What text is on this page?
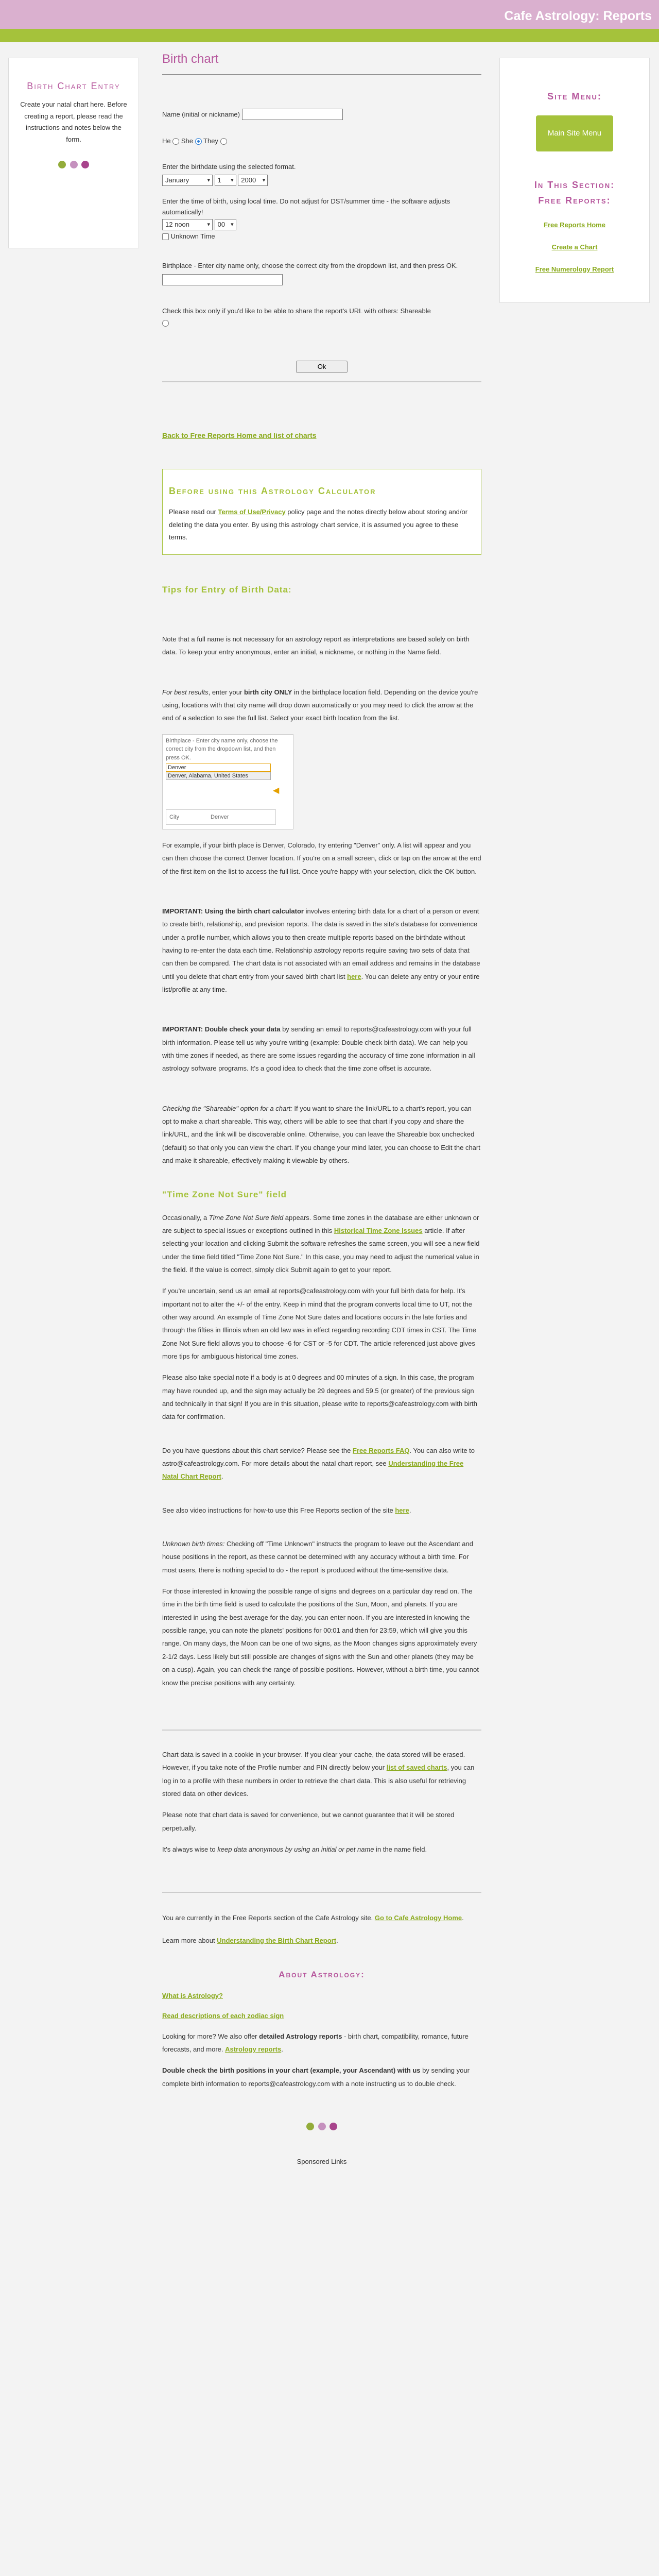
Cafe Astrology: Reports
Birth Chart Entry

Create your natal chart here. Before creating a report, please read the instructions and notes below the form.

Site Menu:
Main Site Menu
In This Section:
Free Reports:
Free Reports Home
Create a Chart
Free Numerology Report
Birth chart
Name (initial or nickname)
He She They
Enter the birthdate using the selected format.
January ▾	1 ▾	2000 ▾
Enter the time of birth, using local time. Do not adjust for DST/summer time - the software adjusts automatically!
12 noon ▾	00 ▾
Unknown Time
Birthplace - Enter city name only, choose the correct city from the dropdown list, and then press OK.
Check this box only if you'd like to be able to share the report's URL with others: Shareable
Ok
Back to Free Reports Home and list of charts
Before using this Astrology Calculator

Please read our Terms of Use/Privacy policy page and the notes directly below about storing and/or deleting the data you enter. By using this astrology chart service, it is assumed you agree to these terms.

Tips for Entry of Birth Data:

Note that a full name is not necessary for an astrology report as interpretations are based solely on birth data. To keep your entry anonymous, enter an initial, a nickname, or nothing in the Name field.

For best results, enter your birth city ONLY in the birthplace location field. Depending on the device you're using, locations with that city name will drop down automatically or you may need to click the arrow at the end of a selection to see the full list. Select your exact birth location from the list.

Birthplace - Enter city name only, choose the correct city from the dropdown list, and then press OK.
Denver
Denver, Alabama, United States
◀
City	Denver

For example, if your birth place is Denver, Colorado, try entering "Denver" only. A list will appear and you can then choose the correct Denver location. If you're on a small screen, click or tap on the arrow at the end of the first item on the list to access the full list. Once you're happy with your selection, click the OK button.

IMPORTANT: Using the birth chart calculator involves entering birth data for a chart of a person or event to create birth, relationship, and prevision reports. The data is saved in the site's database for convenience under a profile number, which allows you to then create multiple reports based on the birthdate without having to re-enter the data each time. Relationship astrology reports require saving two sets of data that can then be compared. The chart data is not associated with an email address and remains in the database until you delete that chart entry from your saved birth chart list here. You can delete any entry or your entire list/profile at any time.

IMPORTANT: Double check your data by sending an email to reports@cafeastrology.com with your full birth information. Please tell us why you're writing (example: Double check birth data). We can help you with time zones if needed, as there are some issues regarding the accuracy of time zone information in all astrology software programs. It's a good idea to check that the time zone offset is accurate.

Checking the "Shareable" option for a chart: If you want to share the link/URL to a chart's report, you can opt to make a chart shareable. This way, others will be able to see that chart if you copy and share the link/URL, and the link will be discoverable online. Otherwise, you can leave the Shareable box unchecked (default) so that only you can view the chart. If you change your mind later, you can choose to Edit the chart and make it shareable, effectively making it viewable by others.

"Time Zone Not Sure" field

Occasionally, a Time Zone Not Sure field appears. Some time zones in the database are either unknown or are subject to special issues or exceptions outlined in this Historical Time Zone Issues article. If after selecting your location and clicking Submit the software refreshes the same screen, you will see a new field under the time field titled "Time Zone Not Sure." In this case, you may need to adjust the numerical value in the field. If the value is correct, simply click Submit again to get to your report.

If you're uncertain, send us an email at reports@cafeastrology.com with your full birth data for help. It's important not to alter the +/- of the entry. Keep in mind that the program converts local time to UT, not the other way around. An example of Time Zone Not Sure dates and locations occurs in the late forties and through the fifties in Illinois when an old law was in effect regarding recording CDT times in CST. The Time Zone Not Sure field allows you to choose -6 for CST or -5 for CDT. The article referenced just above gives more tips for ambiguous historical time zones.

Please also take special note if a body is at 0 degrees and 00 minutes of a sign. In this case, the program may have rounded up, and the sign may actually be 29 degrees and 59.5 (or greater) of the previous sign and technically in that sign! If you are in this situation, please write to reports@cafeastrology.com with birth data for confirmation.

Do you have questions about this chart service? Please see the Free Reports FAQ. You can also write to astro@cafeastrology.com. For more details about the natal chart report, see Understanding the Free Natal Chart Report.

See also video instructions for how-to use this Free Reports section of the site here.

Unknown birth times: Checking off "Time Unknown" instructs the program to leave out the Ascendant and house positions in the report, as these cannot be determined with any accuracy without a birth time. For most users, there is nothing special to do - the report is produced without the time-sensitive data.

For those interested in knowing the possible range of signs and degrees on a particular day read on. The time in the birth time field is used to calculate the positions of the Sun, Moon, and planets. If you are interested in using the best average for the day, you can enter noon. If you are interested in knowing the possible range, you can note the planets' positions for 00:01 and then for 23:59, which will give you this range. On many days, the Moon can be one of two signs, as the Moon changes signs approximately every 2-1/2 days. Less likely but still possible are changes of signs with the Sun and other planets (they may be on a cusp). Again, you can check the range of possible positions. However, without a birth time, you cannot know the precise positions with any certainty.

Chart data is saved in a cookie in your browser. If you clear your cache, the data stored will be erased. However, if you take note of the Profile number and PIN directly below your list of saved charts, you can log in to a profile with these numbers in order to retrieve the chart data. This is also useful for retrieving stored data on other devices.

Please note that chart data is saved for convenience, but we cannot guarantee that it will be stored perpetually.

It's always wise to keep data anonymous by using an initial or pet name in the name field.

You are currently in the Free Reports section of the Cafe Astrology site. Go to Cafe Astrology Home.

Learn more about Understanding the Birth Chart Report.

About Astrology:
What is Astrology?
Read descriptions of each zodiac sign

Looking for more? We also offer detailed Astrology reports - birth chart, compatibility, romance, future forecasts, and more. Astrology reports.

Double check the birth positions in your chart (example, your Ascendant) with us by sending your complete birth information to reports@cafeastrology.com with a note instructing us to double check.

Sponsored Links
